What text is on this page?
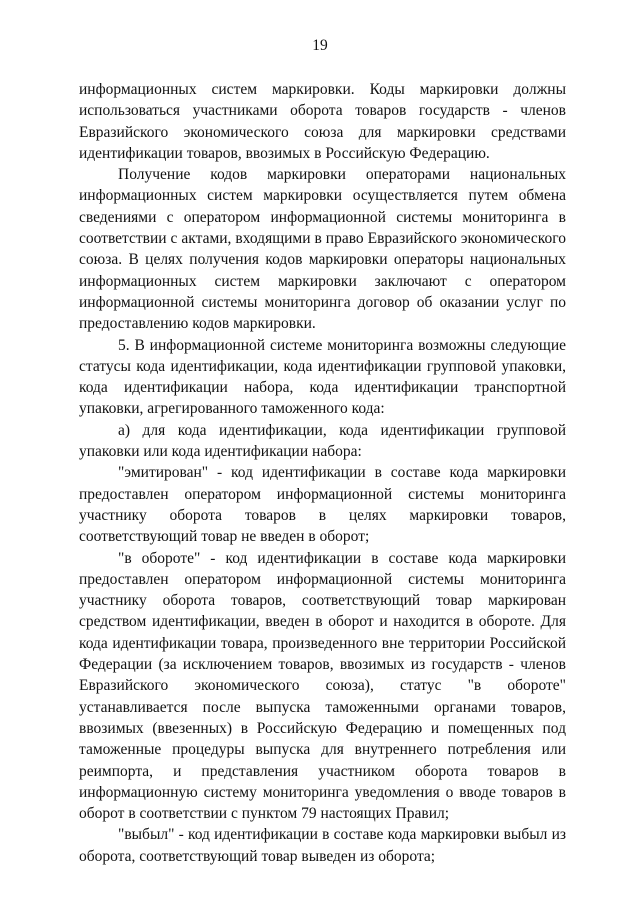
19

информационных систем маркировки. Коды маркировки должны использоваться участниками оборота товаров государств - членов Евразийского экономического союза для маркировки средствами идентификации товаров, ввозимых в Российскую Федерацию.

Получение кодов маркировки операторами национальных информационных систем маркировки осуществляется путем обмена сведениями с оператором информационной системы мониторинга в соответствии с актами, входящими в право Евразийского экономического союза. В целях получения кодов маркировки операторы национальных информационных систем маркировки заключают с оператором информационной системы мониторинга договор об оказании услуг по предоставлению кодов маркировки.

5. В информационной системе мониторинга возможны следующие статусы кода идентификации, кода идентификации групповой упаковки, кода идентификации набора, кода идентификации транспортной упаковки, агрегированного таможенного кода:

а) для кода идентификации, кода идентификации групповой упаковки или кода идентификации набора:

"эмитирован" - код идентификации в составе кода маркировки предоставлен оператором информационной системы мониторинга участнику оборота товаров в целях маркировки товаров, соответствующий товар не введен в оборот;

"в обороте" - код идентификации в составе кода маркировки предоставлен оператором информационной системы мониторинга участнику оборота товаров, соответствующий товар маркирован средством идентификации, введен в оборот и находится в обороте. Для кода идентификации товара, произведенного вне территории Российской Федерации (за исключением товаров, ввозимых из государств - членов Евразийского экономического союза), статус "в обороте" устанавливается после выпуска таможенными органами товаров, ввозимых (ввезенных) в Российскую Федерацию и помещенных под таможенные процедуры выпуска для внутреннего потребления или реимпорта, и представления участником оборота товаров в информационную систему мониторинга уведомления о вводе товаров в оборот в соответствии с пунктом 79 настоящих Правил;

"выбыл" - код идентификации в составе кода маркировки выбыл из оборота, соответствующий товар выведен из оборота;
